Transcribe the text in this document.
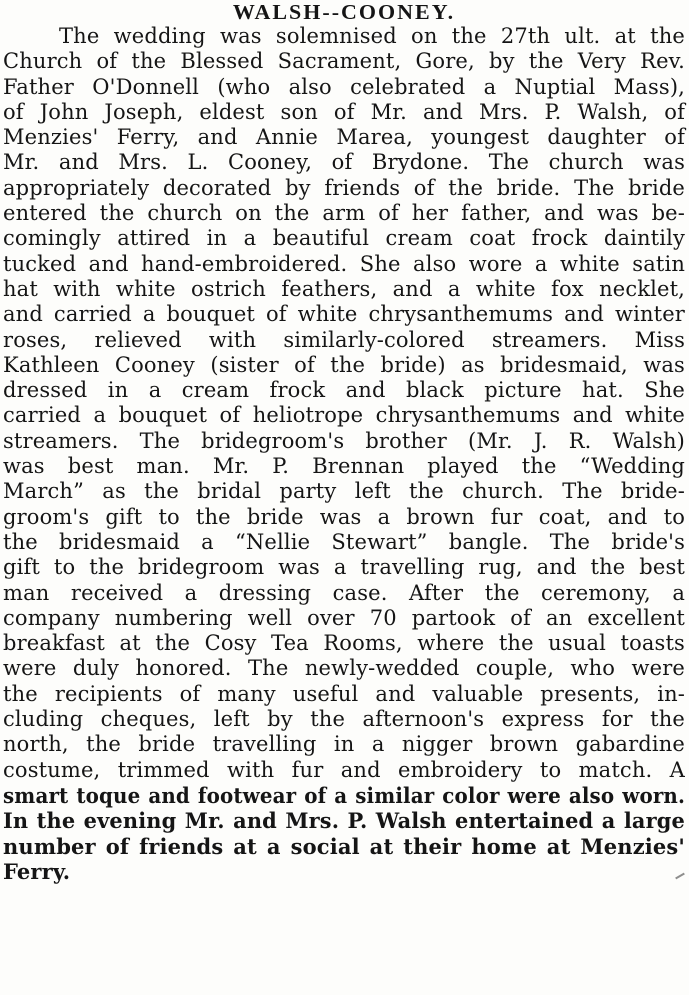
WALSH--COONEY.
The wedding was solemnised on the 27th ult. at the
Church of the Blessed Sacrament, Gore, by the Very Rev.
Father O'Donnell (who also celebrated a Nuptial Mass),
of John Joseph, eldest son of Mr. and Mrs. P. Walsh, of
Menzies' Ferry, and Annie Marea, youngest daughter of
Mr. and Mrs. L. Cooney, of Brydone. The church was
appropriately decorated by friends of the bride. The bride
entered the church on the arm of her father, and was be-
comingly attired in a beautiful cream coat frock daintily
tucked and hand-embroidered. She also wore a white satin
hat with white ostrich feathers, and a white fox necklet,
and carried a bouquet of white chrysanthemums and winter
roses, relieved with similarly-colored streamers. Miss
Kathleen Cooney (sister of the bride) as bridesmaid, was
dressed in a cream frock and black picture hat. She
carried a bouquet of heliotrope chrysanthemums and white
streamers. The bridegroom's brother (Mr. J. R. Walsh)
was best man. Mr. P. Brennan played the “Wedding
March” as the bridal party left the church. The bride-
groom's gift to the bride was a brown fur coat, and to
the bridesmaid a “Nellie Stewart” bangle. The bride's
gift to the bridegroom was a travelling rug, and the best
man received a dressing case. After the ceremony, a
company numbering well over 70 partook of an excellent
breakfast at the Cosy Tea Rooms, where the usual toasts
were duly honored. The newly-wedded couple, who were
the recipients of many useful and valuable presents, in-
cluding cheques, left by the afternoon's express for the
north, the bride travelling in a nigger brown gabardine
costume, trimmed with fur and embroidery to match. A
smart toque and footwear of a similar color were also worn.
In the evening Mr. and Mrs. P. Walsh entertained a large
number of friends at a social at their home at Menzies'
Ferry.
